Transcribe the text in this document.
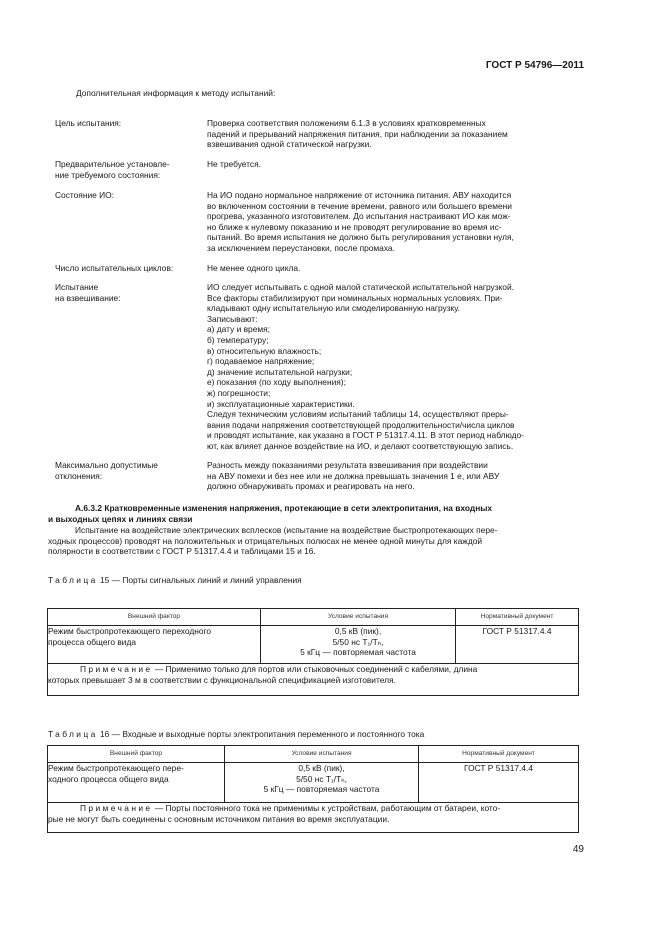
ГОСТ Р 54796—2011
Дополнительная информация к методу испытаний:
Цель испытания:	Проверка соответствия положениям 6.1.3 в условиях кратковременных
падений и прерываний напряжения питания, при наблюдении за показанием
взвешивания одной статической нагрузки.
Предварительное установле-
ние требуемого состояния:
Не требуется.
Состояние ИО:	На ИО подано нормальное напряжение от источника питания. АВУ находится
во включенном состоянии в течение времени, равного или большего времени
прогрева, указанного изготовителем. До испытания настраивают ИО как мож-
но ближе к нулевому показанию и не проводят регулирование во время ис-
пытаний. Во время испытания не должно быть регулирования установки нуля,
за исключением переустановки, после промаха.
Число испытательных циклов:	Не менее одного цикла.
Испытание
на взвешивание:
ИО следует испытывать с одной малой статической испытательной нагрузкой.
Все факторы стабилизируют при номинальных нормальных условиях. При-
кладывают одну испытательную или смоделированную нагрузку.
Записывают:
а) дату и время;
б) температуру;
в) относительную влажность;
г) подаваемое напряжение;
д) значение испытательной нагрузки;
е) показания (по ходу выполнения);
ж) погрешности;
и) эксплуатационные характеристики.
Следуя техническим условиям испытаний таблицы 14, осуществляют преры-
вания подачи напряжения соответствующей продолжительности/числа циклов
и проводят испытание, как указано в ГОСТ Р 51317.4.11. В этот период наблюдо-
ют, как влияет данное воздействие на ИО, и делают соответствующую запись.
Максимально допустимые
отклонения:
Разность между показаниями результата взвешивания при воздействии
на АВУ помехи и без нее или не должна превышать значения 1 e, или АВУ
должно обнаруживать промах и реагировать на него.
А.6.3.2 Кратковременные изменения напряжения, протекающие в сети электропитания, на входных
и выходных цепях и линиях связи
Испытание на воздействие электрических всплесков (испытание на воздействие быстропротекающих пере-
ходных процессов) проводят на положительных и отрицательных полюсах не менее одной минуты для каждой
полярности в соответствии с ГОСТ Р 51317.4.4 и таблицами 15 и 16.
Таблица 15 — Порты сигнальных линий и линий управления
Внешний фактор	Условие испытания	Нормативный документ

Режим быстропротекающего переходного
процесса общего вида	0,5 кВ (пик),
5/50 нс T₁/Tₕ,
5 кГц — повторяемая частота	ГОСТ Р 51317.4.4

Примечание — Применимо только для портов или стыковочных соединений с кабелями, длина
которых превышает 3 м в соответствии с функциональной спецификацией изготовителя.		
Таблица 16 — Входные и выходные порты электропитания переменного и постоянного тока
Внешний фактор	Условие испытания	Нормативный документ

Режим быстропротекающего пере-
ходного процесса общего вида	0,5 кВ (пик),
5/50 нс T₁/Tₕ,
5 кГц — повторяемая частота	ГОСТ Р 51317.4.4

Примечание — Порты постоянного тока не применимы к устройствам, работающим от батареи, кото-
рые не могут быть соединены с основным источником питания во время эксплуатации.		
49
